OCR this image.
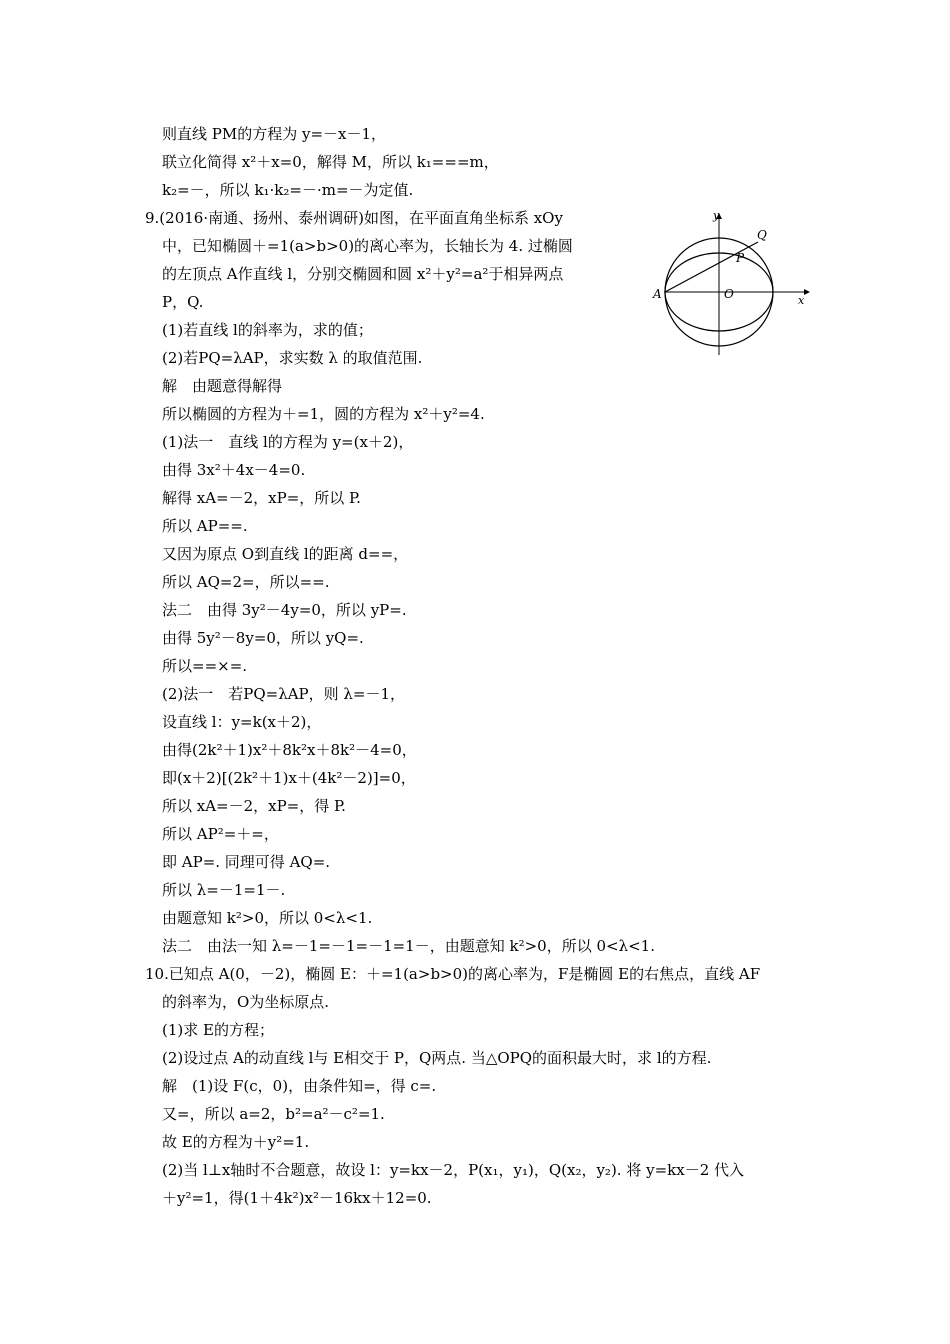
则直线 PM的方程为 y=－x－1，
联立化简得 x²＋x=0，解得 M，所以 k₁===m，
k₂=－，所以 k₁·k₂=－·m=－为定值.
9.(2016·南通、扬州、泰州调研)如图，在平面直角坐标系 xOy
中，已知椭圆＋=1(a>b>0)的离心率为，长轴长为 4. 过椭圆
的左顶点 A作直线 l，分别交椭圆和圆 x²＋y²=a²于相异两点
P，Q.
(1)若直线 l的斜率为，求的值；
(2)若PQ=λAP，求实数 λ 的取值范围.
解　由题意得解得
所以椭圆的方程为＋=1，圆的方程为 x²＋y²=4.
(1)法一　直线 l的方程为 y=(x＋2)，
由得 3x²＋4x－4=0.
解得 xA=－2，xP=，所以 P.
所以 AP==.
又因为原点 O到直线 l的距离 d==，
所以 AQ=2=，所以==.
法二　由得 3y²－4y=0，所以 yP=.
由得 5y²－8y=0，所以 yQ=.
所以==×=.
(2)法一　若PQ=λAP，则 λ=－1，
设直线 l：y=k(x＋2)，
由得(2k²＋1)x²＋8k²x＋8k²－4=0，
即(x＋2)[(2k²＋1)x＋(4k²－2)]=0，
所以 xA=－2，xP=，得 P.
所以 AP²=＋=，
即 AP=. 同理可得 AQ=.
所以 λ=－1=1－.
由题意知 k²>0，所以 0<λ<1.
法二　由法一知 λ=－1=－1=－1=1－，由题意知 k²>0，所以 0<λ<1.
10.已知点 A(0，－2)，椭圆 E：＋=1(a>b>0)的离心率为，F是椭圆 E的右焦点，直线 AF
的斜率为，O为坐标原点.
(1)求 E的方程；
(2)设过点 A的动直线 l与 E相交于 P，Q两点. 当△OPQ的面积最大时，求 l的方程.
解　(1)设 F(c，0)，由条件知=，得 c=.
又=，所以 a=2，b²=a²－c²=1.
故 E的方程为＋y²=1.
(2)当 l⊥x轴时不合题意，故设 l：y=kx－2，P(x₁，y₁)，Q(x₂，y₂). 将 y=kx－2 代入
＋y²=1，得(1＋4k²)x²－16kx＋12=0.
y
x
Q
P
A	O
